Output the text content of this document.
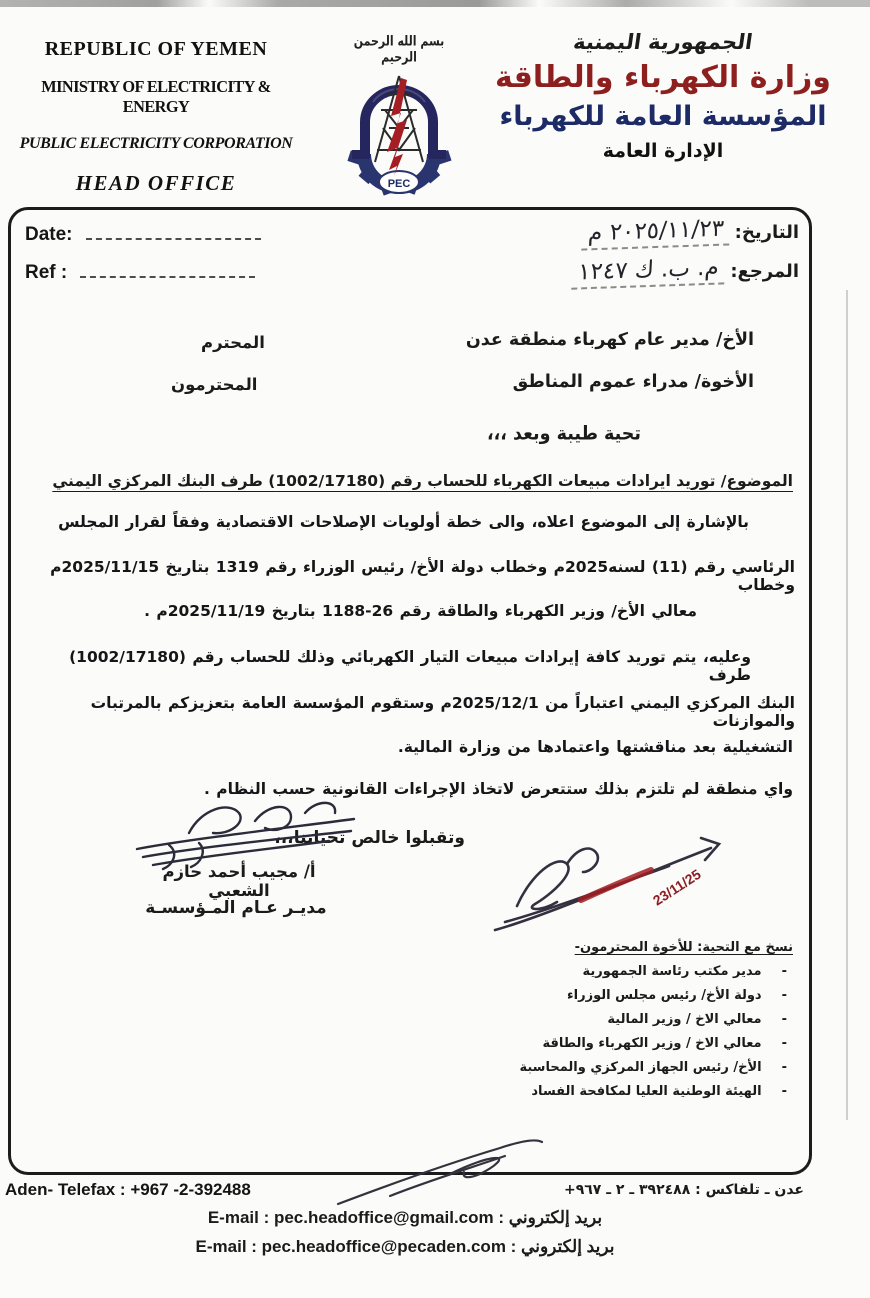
REPUBLIC OF YEMEN
MINISTRY OF ELECTRICITY & ENERGY
PUBLIC ELECTRICITY CORPORATION
HEAD OFFICE
بسم الله الرحمن الرحيم
PEC
الجمهورية اليمنية
وزارة الكهرباء والطاقة
المؤسسة العامة للكهرباء
الإدارة العامة
Date:
Ref :
التاريخ: ٢٠٢٥/١١/٢٣ م
المرجع: م. ب. ك ١٢٤٧
الأخ/ مدير عام كهرباء منطقة عدن
المحترم
الأخوة/ مدراء عموم المناطق
المحترمون
تحية طيبة وبعد ،،،
الموضوع/ توريد ايرادات مبيعات الكهرباء للحساب رقم (1002/17180) طرف البنك المركزي اليمني
بالإشارة إلى الموضوع اعلاه، والى خطة أولويات الإصلاحات الاقتصادية وفقاً لقرار المجلس
الرئاسي رقم (11) لسنه2025م وخطاب دولة الأخ/ رئيس الوزراء رقم 1319 بتاريخ 2025/11/15م وخطاب
معالي الأخ/ وزير الكهرباء والطاقة رقم 26-1188 بتاريخ 2025/11/19م .
وعليه، يتم توريد كافة إيرادات مبيعات التيار الكهربائي وذلك للحساب رقم (1002/17180) طرف
البنك المركزي اليمني اعتباراً من 2025/12/1م وستقوم المؤسسة العامة بتعزيزكم بالمرتبات والموازنات
التشغيلية بعد مناقشتها واعتمادها من وزارة المالية.
واي منطقة لم تلتزم بذلك ستتعرض لاتخاذ الإجراءات القانونية حسب النظام .
وتقبلوا خالص تحياتنا،،،
أ/ مجيب أحمد حازم الشعبي
مديـر عـام المـؤسسـة	23/11/25
نسخ مع التحية: للأخوة المحترمون-
-
مدير مكتب رئاسة الجمهورية
-
دولة الأخ/ رئيس مجلس الوزراء
-
معالي الاخ / وزير المالية
-
معالي الاخ / وزير الكهرباء والطاقة
-
الأخ/ رئيس الجهاز المركزي والمحاسبة
-
الهيئة الوطنية العليا لمكافحة الفساد
Aden- Telefax : +967 -2-392488	عدن ـ تلفاكس : ٣٩٢٤٨٨ ـ ٢ ـ ٩٦٧+
E-mail : pec.headoffice@gmail.com : بريد إلكتروني
E-mail : pec.headoffice@pecaden.com : بريد إلكتروني
